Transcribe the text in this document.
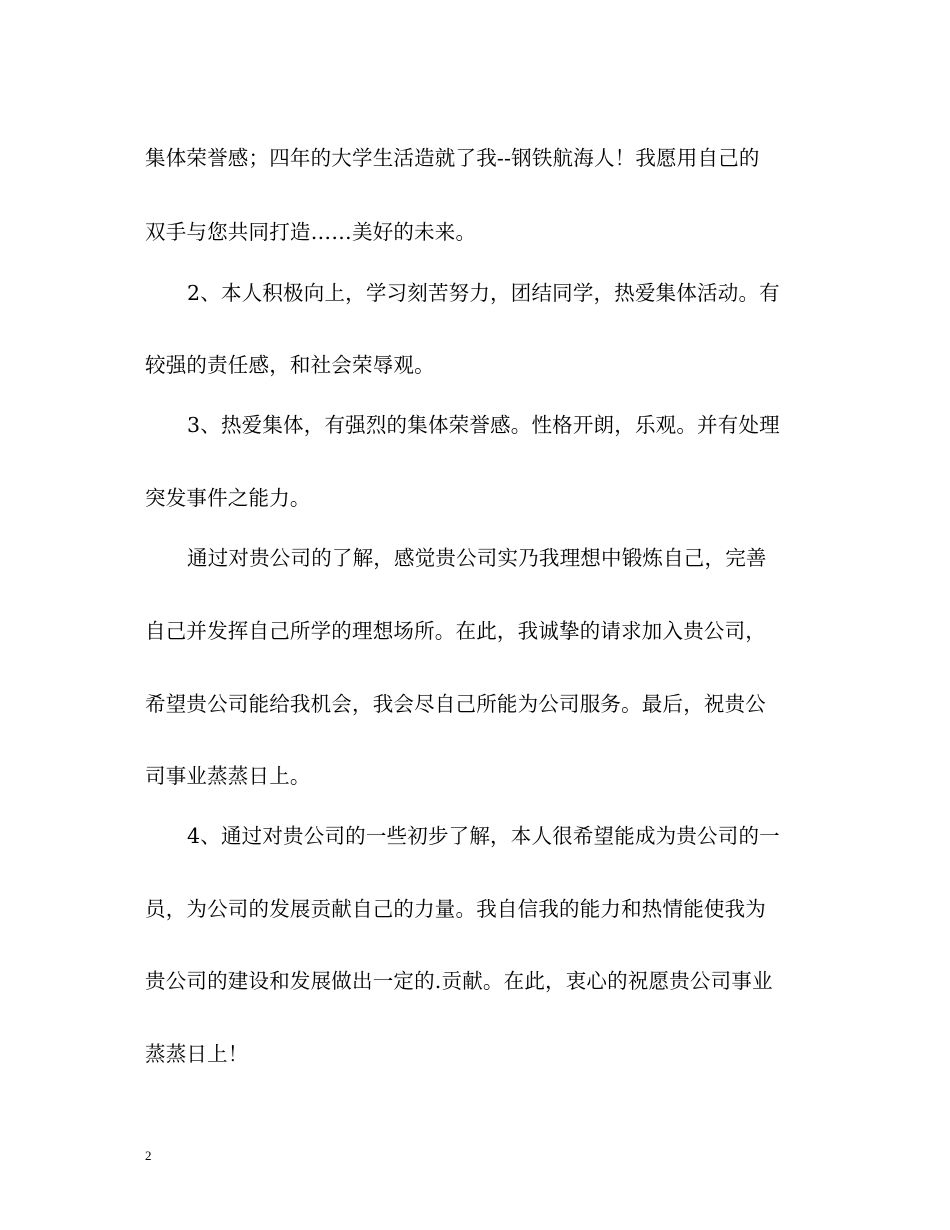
集体荣誉感；四年的大学生活造就了我--钢铁航海人！我愿用自己的
双手与您共同打造……美好的未来。
2、本人积极向上，学习刻苦努力，团结同学，热爱集体活动。有
较强的责任感，和社会荣辱观。
3、热爱集体，有强烈的集体荣誉感。性格开朗，乐观。并有处理
突发事件之能力。
通过对贵公司的了解，感觉贵公司实乃我理想中锻炼自己，完善
自己并发挥自己所学的理想场所。在此，我诚挚的请求加入贵公司，
希望贵公司能给我机会，我会尽自己所能为公司服务。最后，祝贵公
司事业蒸蒸日上。
4、通过对贵公司的一些初步了解，本人很希望能成为贵公司的一
员，为公司的发展贡献自己的力量。我自信我的能力和热情能使我为
贵公司的建设和发展做出一定的.贡献。在此，衷心的祝愿贵公司事业
蒸蒸日上！
2
